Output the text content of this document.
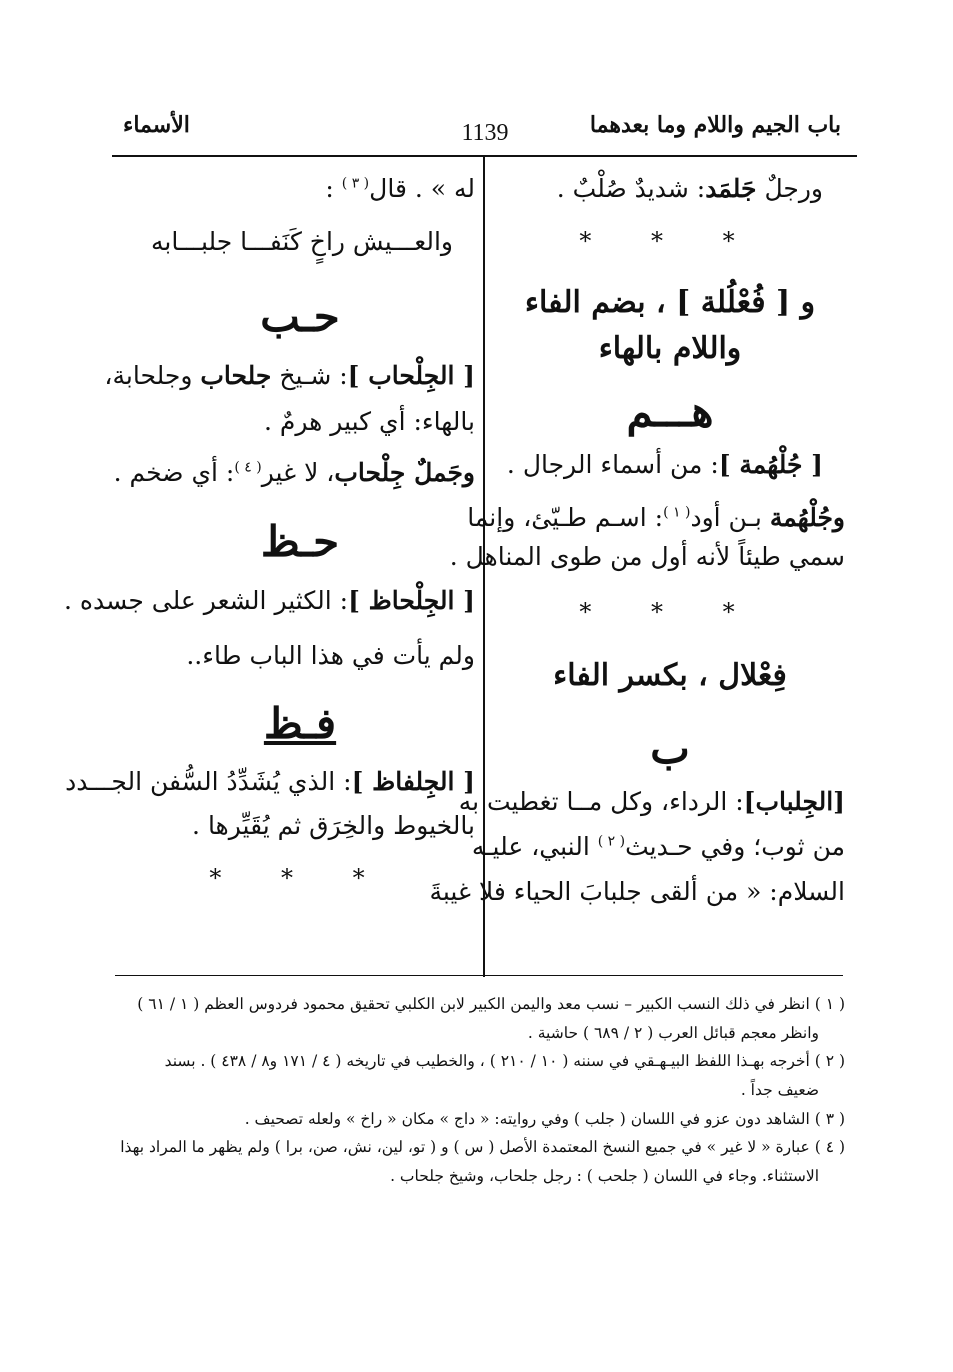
باب الجيم واللام وما بعدهما
1139
الأسماء

ورجلٌ جَلمَد: شديدٌ صُلْبٌ .

* * *

و [ فُعْلُلة ] ، بضم الفاء واللام بالهاء

هـــم

[ جُلْهُمة ]: من أسماء الرجال .

وجُلْهُمة بـن أود$^{( ١ )}$: اسـم طـيّئ، وإنما

سمي طيئاً لأنه أول من طوى المناهل .

* * *

فِعْلال ، بكسر الفاء

ب

[الجِلباب]: الرداء، وكل مــا تغطيت به

من ثوب؛ وفي حـديث$^{( ٢ )}$ النبي، عليـه

السلام: « من ألقى جلبابَ الحياء فلا غيبةَ

له » . قال$^{( ٣ )}$ :

والعـــيش راخٍ كَنَفـــا جلبـــابه

حـب

[ الجِلْحاب ]: شـيخ جلحاب وجلحابة،

بالهاء: أي كبير هرمٌ .

وجَملٌ جِلْحاب، لا غير$^{( ٤ )}$: أي ضخم .

حـظ

[ الجِلْحاظ ]: الكثير الشعر على جسده .

ولم يأت في هذا الباب طاء..

فـظ

[ الجِلفاظ ]: الذي يُشَدِّدُ السُّفن الجـــدد

بالخيوط والخِرَق ثم يُقَيِّرها .

* * *

( ١ ) انظر في ذلك النسب الكبير – نسب معد واليمن الكبير لابن الكلبي تحقيق محمود فردوس العظم ( ١ / ٦١ )

وانظر معجم قبائل العرب ( ٢ / ٦٨٩ ) حاشية .

( ٢ ) أخرجه بهـذا اللفظ البيـهـقي في سننه ( ١٠ / ٢١٠ ) ، والخطيب في تاريخه ( ٤ / ١٧١ و٨ / ٤٣٨ ) . بسند

ضعيف جداً .

( ٣ ) الشاهد دون عزو في اللسان ( جلب ) وفي روايته: « داج » مكان « راخ » ولعله تصحيف .

( ٤ ) عبارة « لا غير » في جميع النسخ المعتمدة الأصل ( س ) و ( تو، لين، نش، صن، برا ) ولم يظهر ما المراد بهذا

الاستثناء. وجاء في اللسان ( جلحب ) : رجل جلحاب، وشيخ جلحاب .
